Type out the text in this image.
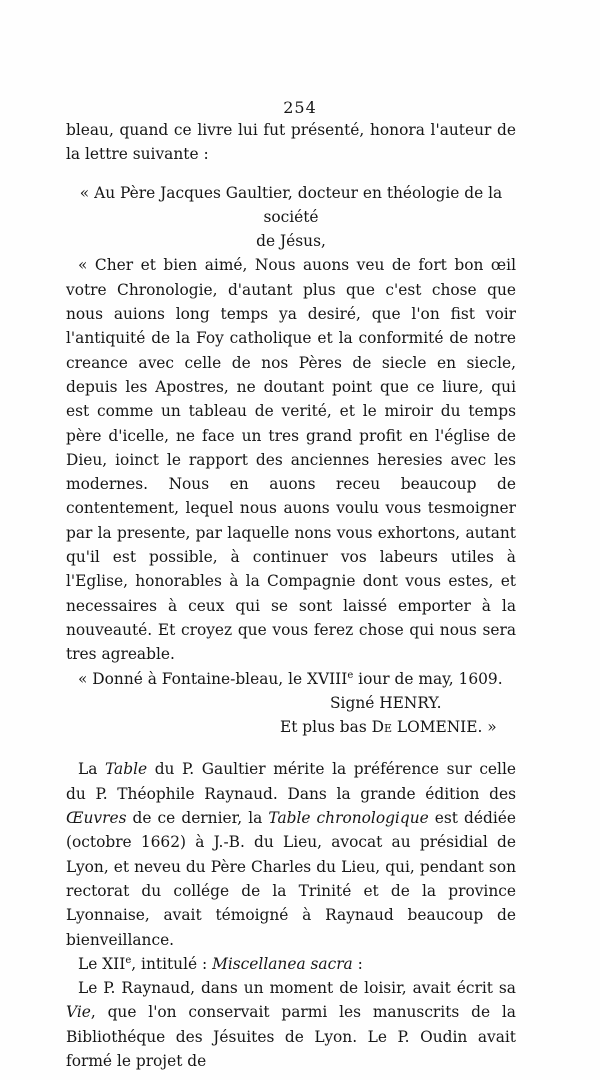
254

bleau, quand ce livre lui fut présenté, honora l'auteur de la lettre suivante :

« Au Père Jacques Gaultier, docteur en théologie de la société

de Jésus,

« Cher et bien aimé, Nous auons veu de fort bon œil votre Chronologie, d'autant plus que c'est chose que nous auions long temps ya desiré, que l'on fist voir l'antiquité de la Foy catholique et la conformité de notre creance avec celle de nos Pères de siecle en siecle, depuis les Apostres, ne doutant point que ce liure, qui est comme un tableau de verité, et le miroir du temps père d'icelle, ne face un tres grand profit en l'église de Dieu, ioinct le rapport des anciennes heresies avec les modernes. Nous en auons receu beaucoup de contentement, lequel nous auons voulu vous tesmoigner par la presente, par laquelle nons vous exhortons, autant qu'il est possible, à continuer vos labeurs utiles à l'Eglise, honorables à la Compagnie dont vous estes, et necessaires à ceux qui se sont laissé emporter à la nouveauté. Et croyez que vous ferez chose qui nous sera tres agreable.

« Donné à Fontaine-bleau, le XVIIIe iour de may, 1609.

Signé HENRY.

Et plus bas De LOMENIE. »

La Table du P. Gaultier mérite la préférence sur celle du P. Théophile Raynaud. Dans la grande édition des Œuvres de ce dernier, la Table chronologique est dédiée (octobre 1662) à J.-B. du Lieu, avocat au présidial de Lyon, et neveu du Père Charles du Lieu, qui, pendant son rectorat du collége de la Trinité et de la province Lyonnaise, avait témoigné à Raynaud beaucoup de bienveillance.

Le XIIe, intitulé : Miscellanea sacra :

Le P. Raynaud, dans un moment de loisir, avait écrit sa Vie, que l'on conservait parmi les manuscrits de la Bibliothéque des Jésuites de Lyon. Le P. Oudin avait formé le projet de
